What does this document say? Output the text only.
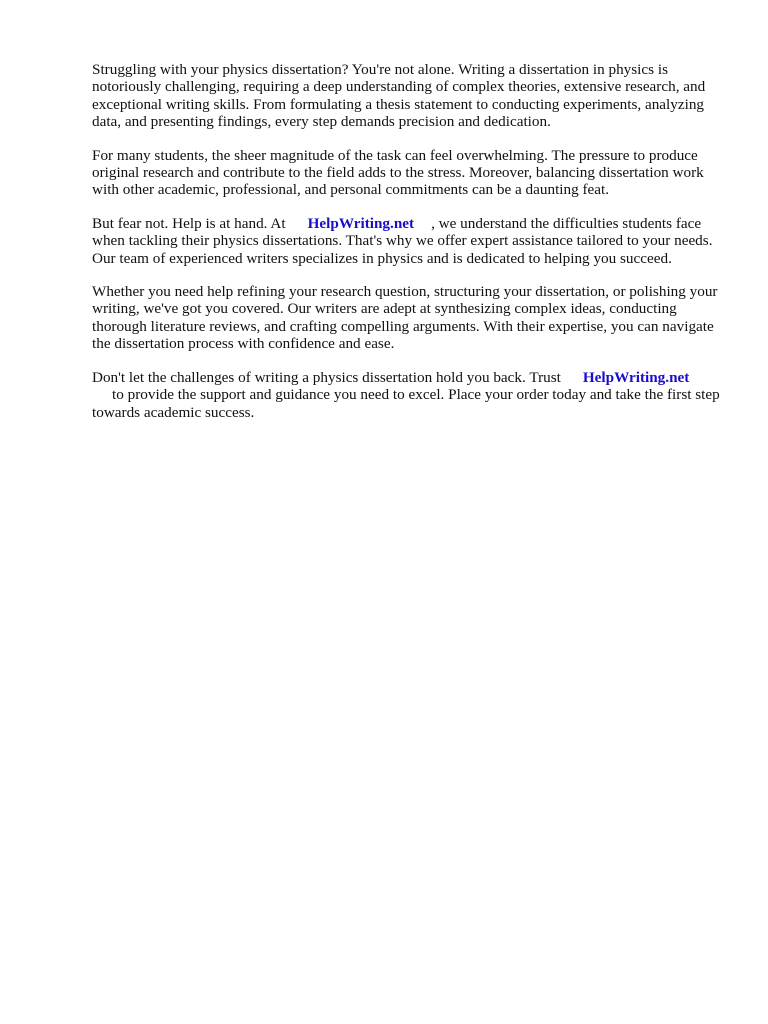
Struggling with your physics dissertation? You're not alone. Writing a dissertation in physics is notoriously challenging, requiring a deep understanding of complex theories, extensive research, and exceptional writing skills. From formulating a thesis statement to conducting experiments, analyzing data, and presenting findings, every step demands precision and dedication.

For many students, the sheer magnitude of the task can feel overwhelming. The pressure to produce original research and contribute to the field adds to the stress. Moreover, balancing dissertation work with other academic, professional, and personal commitments can be a daunting feat.

But fear not. Help is at hand. At HelpWriting.net , we understand the difficulties students face when tackling their physics dissertations. That's why we offer expert assistance tailored to your needs. Our team of experienced writers specializes in physics and is dedicated to helping you succeed.

Whether you need help refining your research question, structuring your dissertation, or polishing your writing, we've got you covered. Our writers are adept at synthesizing complex ideas, conducting thorough literature reviews, and crafting compelling arguments. With their expertise, you can navigate the dissertation process with confidence and ease.

Don't let the challenges of writing a physics dissertation hold you back. Trust HelpWriting.net
to provide the support and guidance you need to excel. Place your order today and take the first step towards academic success.
